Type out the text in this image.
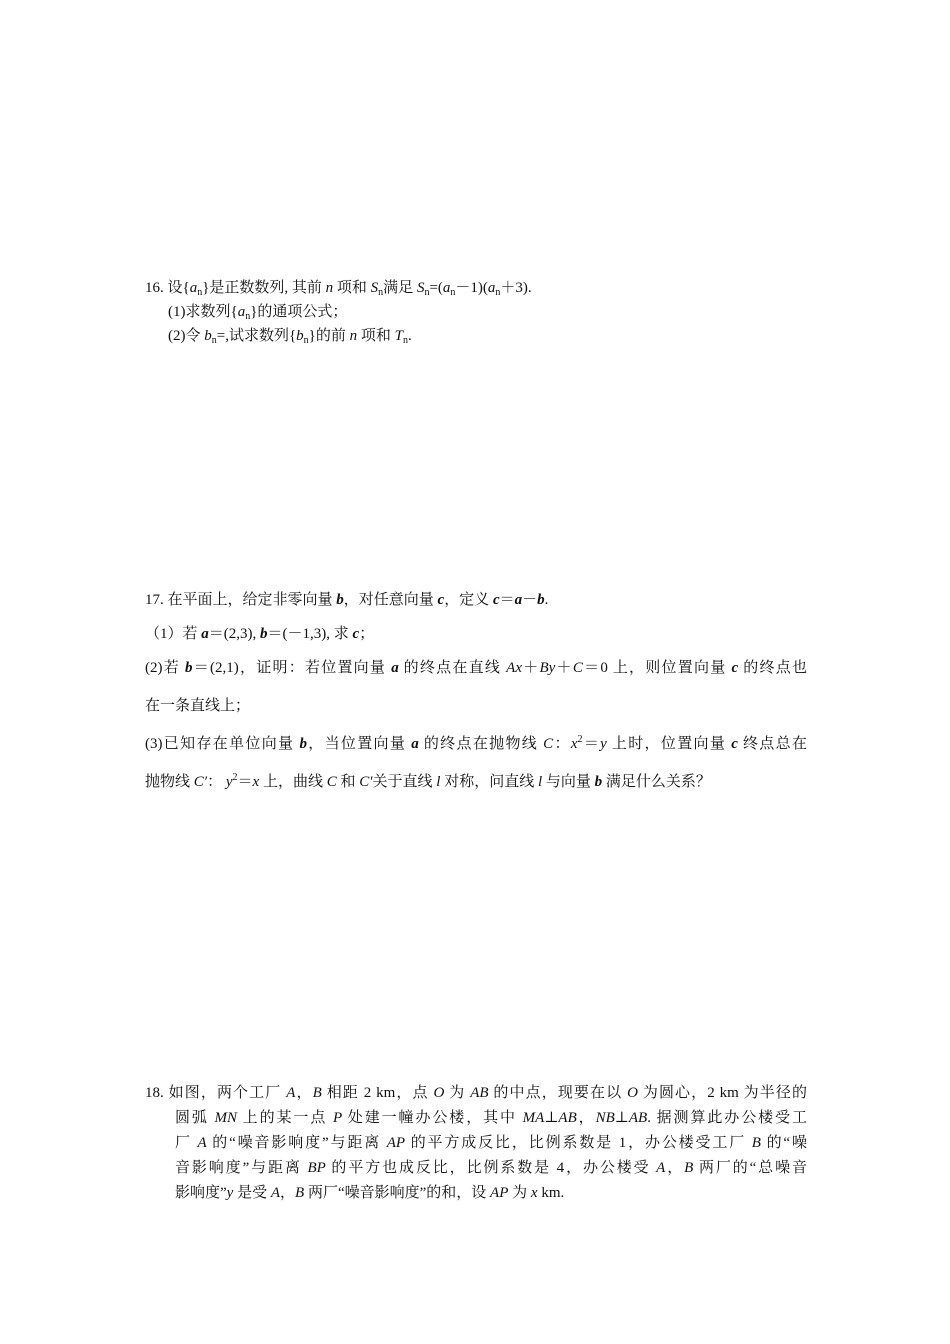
16. 设$\{a_n\}$是正数数列, 其前 n 项和 $S_n$满足 $S_n=(a_n-1)(a_n+3)$.
(1)求数列$\{a_n\}$的通项公式；
(2)令 $b_n=$,试求数列$\{b_n\}$的前 n 项和 $T_n$.
17. 在平面上，给定非零向量 b，对任意向量 c，定义 c＝a－b.
（1）若 a＝(2,3), b＝(－1,3), 求 c；
(2)若 b＝(2,1)，证明：若位置向量 a 的终点在直线 Ax＋By＋C＝0 上，则位置向量 c 的终点也
在一条直线上；
(3)已知存在单位向量 b，当位置向量 a 的终点在抛物线 C：$x^2=y$ 上时，位置向量 c 终点总在
抛物线 C′： $y^2=x$ 上，曲线 C 和 C′关于直线 l 对称，问直线 l 与向量 b 满足什么关系？
18. 如图，两个工厂 A，B 相距 2 km，点 O 为 AB 的中点，现要在以 O 为圆心，2 km 为半径的
圆弧 MN 上的某一点 P 处建一幢办公楼，其中 MA⊥AB，NB⊥AB. 据测算此办公楼受工
厂 A 的“噪音影响度”与距离 AP 的平方成反比，比例系数是 1，办公楼受工厂 B 的“噪
音影响度”与距离 BP 的平方也成反比，比例系数是 4，办公楼受 A，B 两厂的“总噪音
影响度”y 是受 A，B 两厂“噪音影响度”的和，设 AP 为 x km.
